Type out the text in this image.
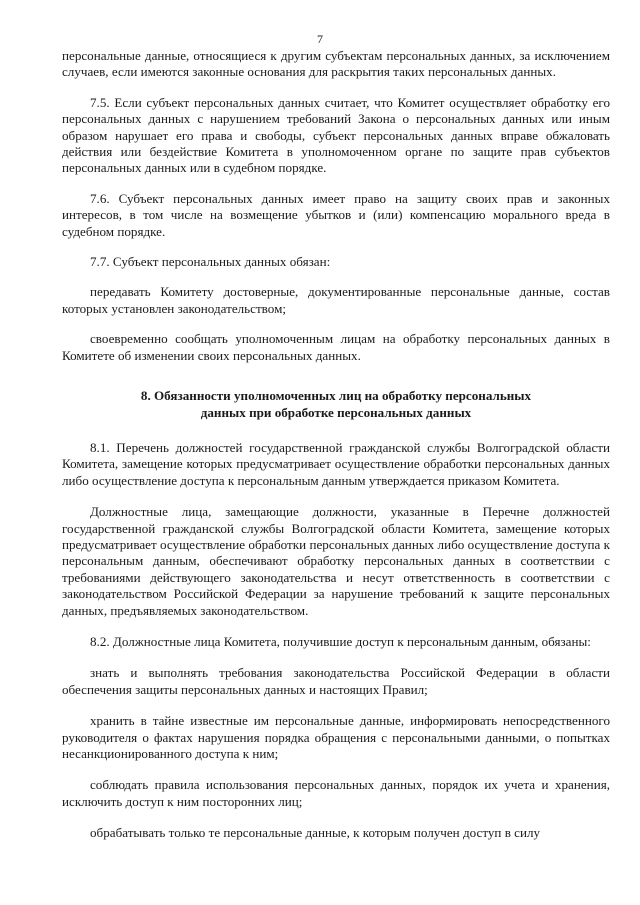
7

персональные данные, относящиеся к другим субъектам персональных данных, за исключением случаев, если имеются законные основания для раскрытия таких персональных данных.

7.5. Если субъект персональных данных считает, что Комитет осуществляет обработку его персональных данных с нарушением требований Закона о персональных данных или иным образом нарушает его права и свободы, субъект персональных данных вправе обжаловать действия или бездействие Комитета в уполномоченном органе по защите прав субъектов персональных данных или в судебном порядке.

7.6. Субъект персональных данных имеет право на защиту своих прав и законных интересов, в том числе на возмещение убытков и (или) компенсацию морального вреда в судебном порядке.

7.7. Субъект персональных данных обязан:

передавать Комитету достоверные, документированные персональные данные, состав которых установлен законодательством;

своевременно сообщать уполномоченным лицам на обработку персональных данных в Комитете об изменении своих персональных данных.

8. Обязанности уполномоченных лиц на обработку персональных
данных при обработке персональных данных

8.1. Перечень должностей государственной гражданской службы Волгоградской области Комитета, замещение которых предусматривает осуществление обработки персональных данных либо осуществление доступа к персональным данным утверждается приказом Комитета.

Должностные лица, замещающие должности, указанные в Перечне должностей государственной гражданской службы Волгоградской области Комитета, замещение которых предусматривает осуществление обработки персональных данных либо осуществление доступа к персональным данным, обеспечивают обработку персональных данных в соответствии с требованиями действующего законодательства и несут ответственность в соответствии с законодательством Российской Федерации за нарушение требований к защите персональных данных, предъявляемых законодательством.

8.2. Должностные лица Комитета, получившие доступ к персональным данным, обязаны:

знать и выполнять требования законодательства Российской Федерации в области обеспечения защиты персональных данных и настоящих Правил;

хранить в тайне известные им персональные данные, информировать непосредственного руководителя о фактах нарушения порядка обращения с персональными данными, о попытках несанкционированного доступа к ним;

соблюдать правила использования персональных данных, порядок их учета и хранения, исключить доступ к ним посторонних лиц;

обрабатывать только те персональные данные, к которым получен доступ в силу
